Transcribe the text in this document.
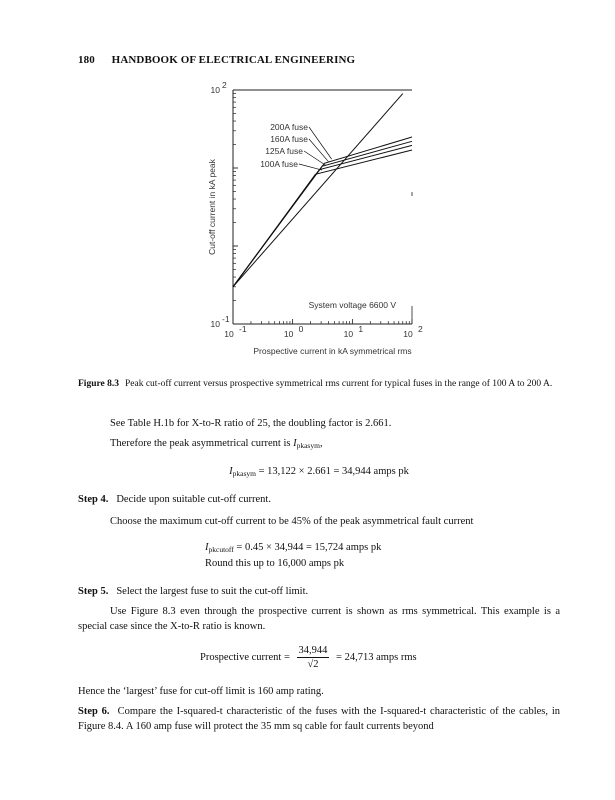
180 HANDBOOK OF ELECTRICAL ENGINEERING
10 -1	10 0	10 1	10 2
10 -1
10 2
Prospective current in kA symmetrical rms
Cut-off current in kA peak
200A fuse
160A fuse
125A fuse
100A fuse
System voltage 6600 V
Figure 8.3 Peak cut-off current versus prospective symmetrical rms current for typical fuses in the range of 100 A to 200 A.
See Table H.1b for X-to-R ratio of 25, the doubling factor is 2.661.
Therefore the peak asymmetrical current is $I_{pkasym}$,
$I_{pkasym} = 13,122 \times 2.661 = 34,944$ amps pk
Step 4. Decide upon suitable cut-off current.
Choose the maximum cut-off current to be 45% of the peak asymmetrical fault current
$I_{pkcutoff} = 0.45 \times 34,944 = 15,724$ amps pk
Round this up to 16,000 amps pk
Step 5. Select the largest fuse to suit the cut-off limit.
Use Figure 8.3 even through the prospective current is shown as rms symmetrical. This example is a special case since the X-to-R ratio is known.
Prospective current = $\frac{34,944}{√2} = 24,713$ amps rms
Hence the ‘largest’ fuse for cut-off limit is 160 amp rating.
Step 6. Compare the I-squared-t characteristic of the fuses with the I-squared-t characteristic of the cables, in Figure 8.4. A 160 amp fuse will protect the 35 mm sq cable for fault currents beyond
